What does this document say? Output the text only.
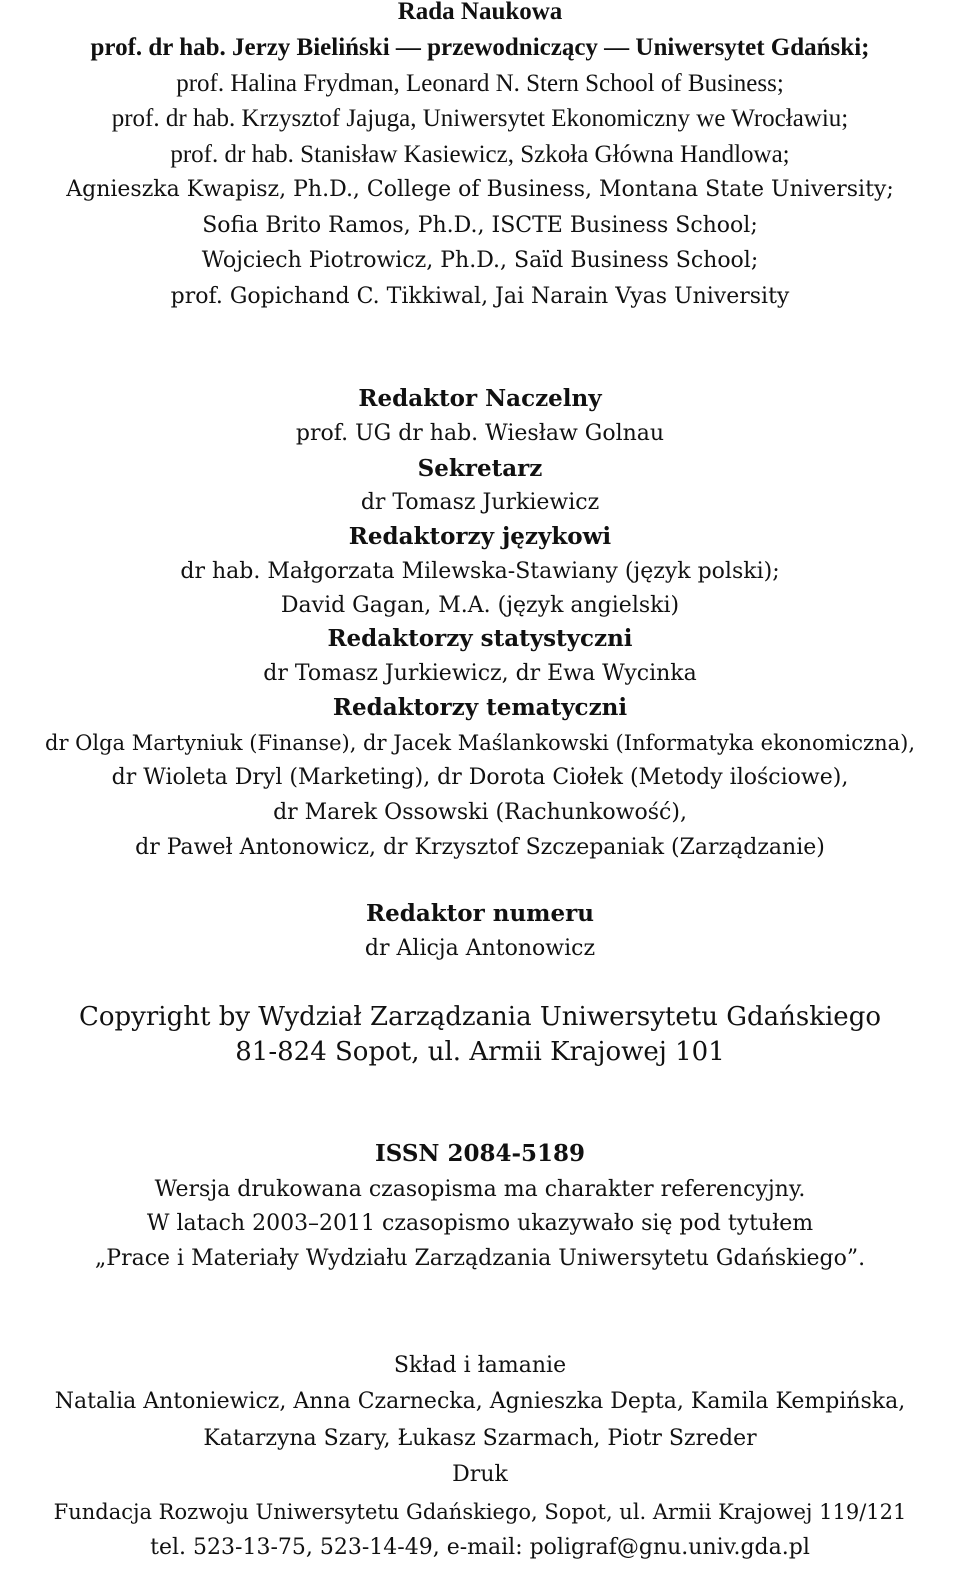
Rada Naukowa
prof. dr hab. Jerzy Bieliński — przewodniczący — Uniwersytet Gdański;
prof. Halina Frydman, Leonard N. Stern School of Business;
prof. dr hab. Krzysztof Jajuga, Uniwersytet Ekonomiczny we Wrocławiu;
prof. dr hab. Stanisław Kasiewicz, Szkoła Główna Handlowa;
Agnieszka Kwapisz, Ph.D., College of Business, Montana State University;
Sofia Brito Ramos, Ph.D., ISCTE Business School;
Wojciech Piotrowicz, Ph.D., Saïd Business School;
prof. Gopichand C. Tikkiwal, Jai Narain Vyas University
Redaktor Naczelny
prof. UG dr hab. Wiesław Golnau
Sekretarz
dr Tomasz Jurkiewicz
Redaktorzy językowi
dr hab. Małgorzata Milewska-Stawiany (język polski);
David Gagan, M.A. (język angielski)
Redaktorzy statystyczni
dr Tomasz Jurkiewicz, dr Ewa Wycinka
Redaktorzy tematyczni
dr Olga Martyniuk (Finanse), dr Jacek Maślankowski (Informatyka ekonomiczna),
dr Wioleta Dryl (Marketing), dr Dorota Ciołek (Metody ilościowe),
dr Marek Ossowski (Rachunkowość),
dr Paweł Antonowicz, dr Krzysztof Szczepaniak (Zarządzanie)
Redaktor numeru
dr Alicja Antonowicz
Copyright by Wydział Zarządzania Uniwersytetu Gdańskiego
81-824 Sopot, ul. Armii Krajowej 101
ISSN 2084-5189
Wersja drukowana czasopisma ma charakter referencyjny.
W latach 2003–2011 czasopismo ukazywało się pod tytułem
„Prace i Materiały Wydziału Zarządzania Uniwersytetu Gdańskiego”.
Skład i łamanie
Natalia Antoniewicz, Anna Czarnecka, Agnieszka Depta, Kamila Kempińska,
Katarzyna Szary, Łukasz Szarmach, Piotr Szreder
Druk
Fundacja Rozwoju Uniwersytetu Gdańskiego, Sopot, ul. Armii Krajowej 119/121
tel. 523-13-75, 523-14-49, e-mail: poligraf@gnu.univ.gda.pl
